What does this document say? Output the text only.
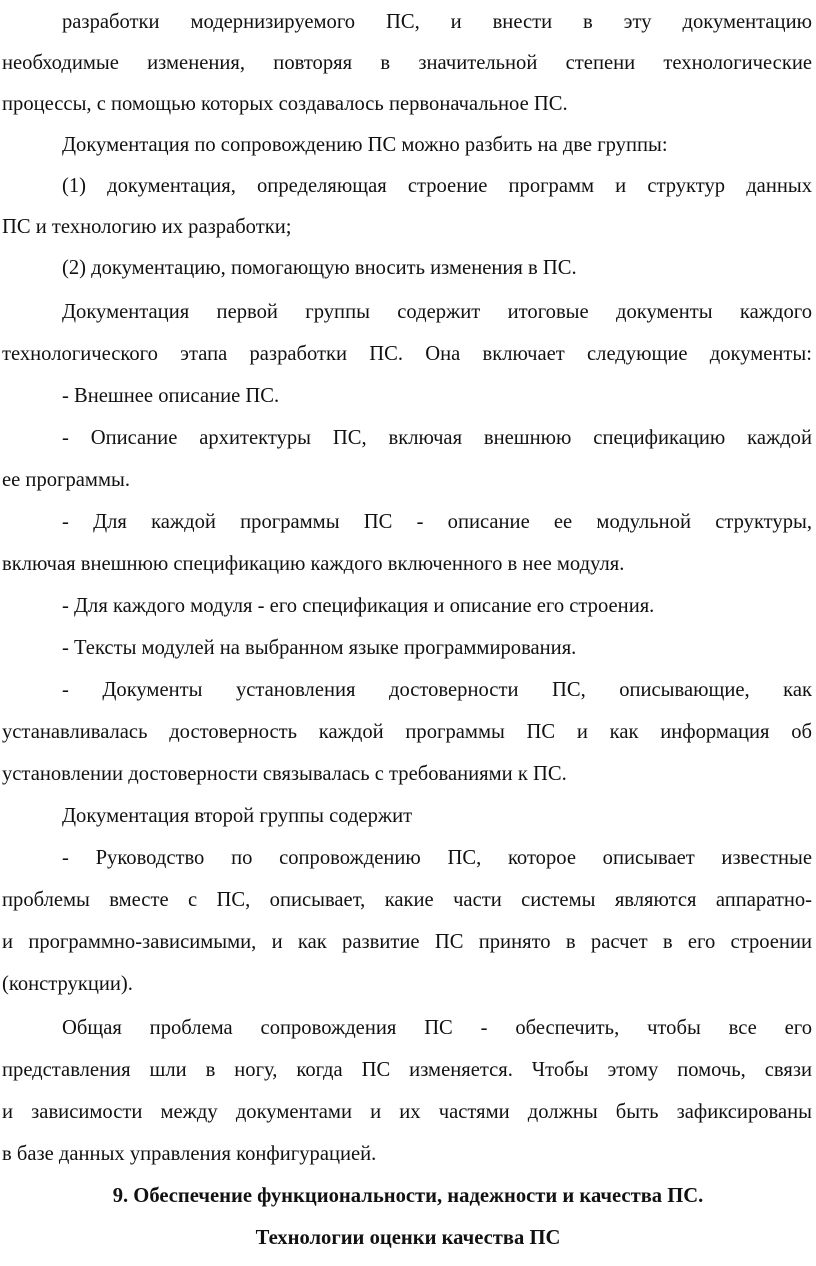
разработки модернизируемого ПС, и внести в эту документацию
необходимые изменения, повторяя в значительной степени технологические
процессы, с помощью которых создавалось первоначальное ПС.
Документация по сопровождению ПС можно разбить на две группы:
(1) документация, определяющая строение программ и структур данных
ПС и технологию их разработки;
(2) документацию, помогающую вносить изменения в ПС.
Документация первой группы содержит итоговые документы каждого
технологического этапа разработки ПС. Она включает следующие документы:
- Внешнее описание ПС.
- Описание архитектуры ПС, включая внешнюю спецификацию каждой
ее программы.
- Для каждой программы ПС - описание ее модульной структуры,
включая внешнюю спецификацию каждого включенного в нее модуля.
- Для каждого модуля - его спецификация и описание его строения.
- Тексты модулей на выбранном языке программирования.
- Документы установления достоверности ПС, описывающие, как
устанавливалась достоверность каждой программы ПС и как информация об
установлении достоверности связывалась с требованиями к ПС.
Документация второй группы содержит
- Руководство по сопровождению ПС, которое описывает известные
проблемы вместе с ПС, описывает, какие части системы являются аппаратно-
и программно-зависимыми, и как развитие ПС принято в расчет в его строении
(конструкции).
Общая проблема сопровождения ПС - обеспечить, чтобы все его
представления шли в ногу, когда ПС изменяется. Чтобы этому помочь, связи
и зависимости между документами и их частями должны быть зафиксированы
в базе данных управления конфигурацией.
9. Обеспечение функциональности, надежности и качества ПС.
Технологии оценки качества ПС
